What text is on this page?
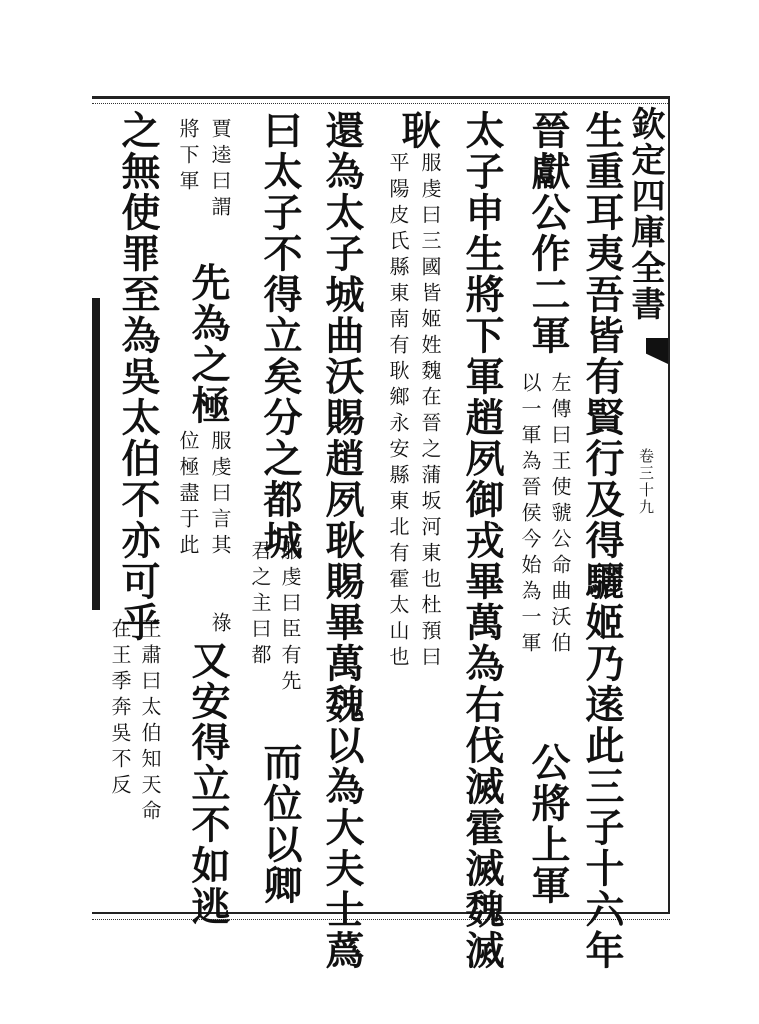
欽定四庫全書
卷三十九
生重耳夷吾皆有賢行及得驪姬乃逺此三子十六年
晉獻公作二軍
左傳曰王使虢公命曲沃伯
以一軍為晉侯今始為一軍
公將上軍
太子申生將下軍趙夙御戎畢萬為右伐滅霍滅魏滅
耿
服虔曰三國皆姬姓魏在晉之蒲坂河東也杜預曰
平陽皮氏縣東南有耿鄉永安縣東北有霍太山也
還為太子城曲沃賜趙夙耿賜畢萬魏以為大夫士蔿
曰太子不得立矣分之都城
服虔曰臣有先
君之主曰都
而位以卿
賈逵曰謂
將下軍
先為之極
服虔曰言其
位極盡于此
祿
又安得立不如逃
之無使罪至為吳太伯不亦可乎
王肅曰太伯知天命
在王季奔吳不反
